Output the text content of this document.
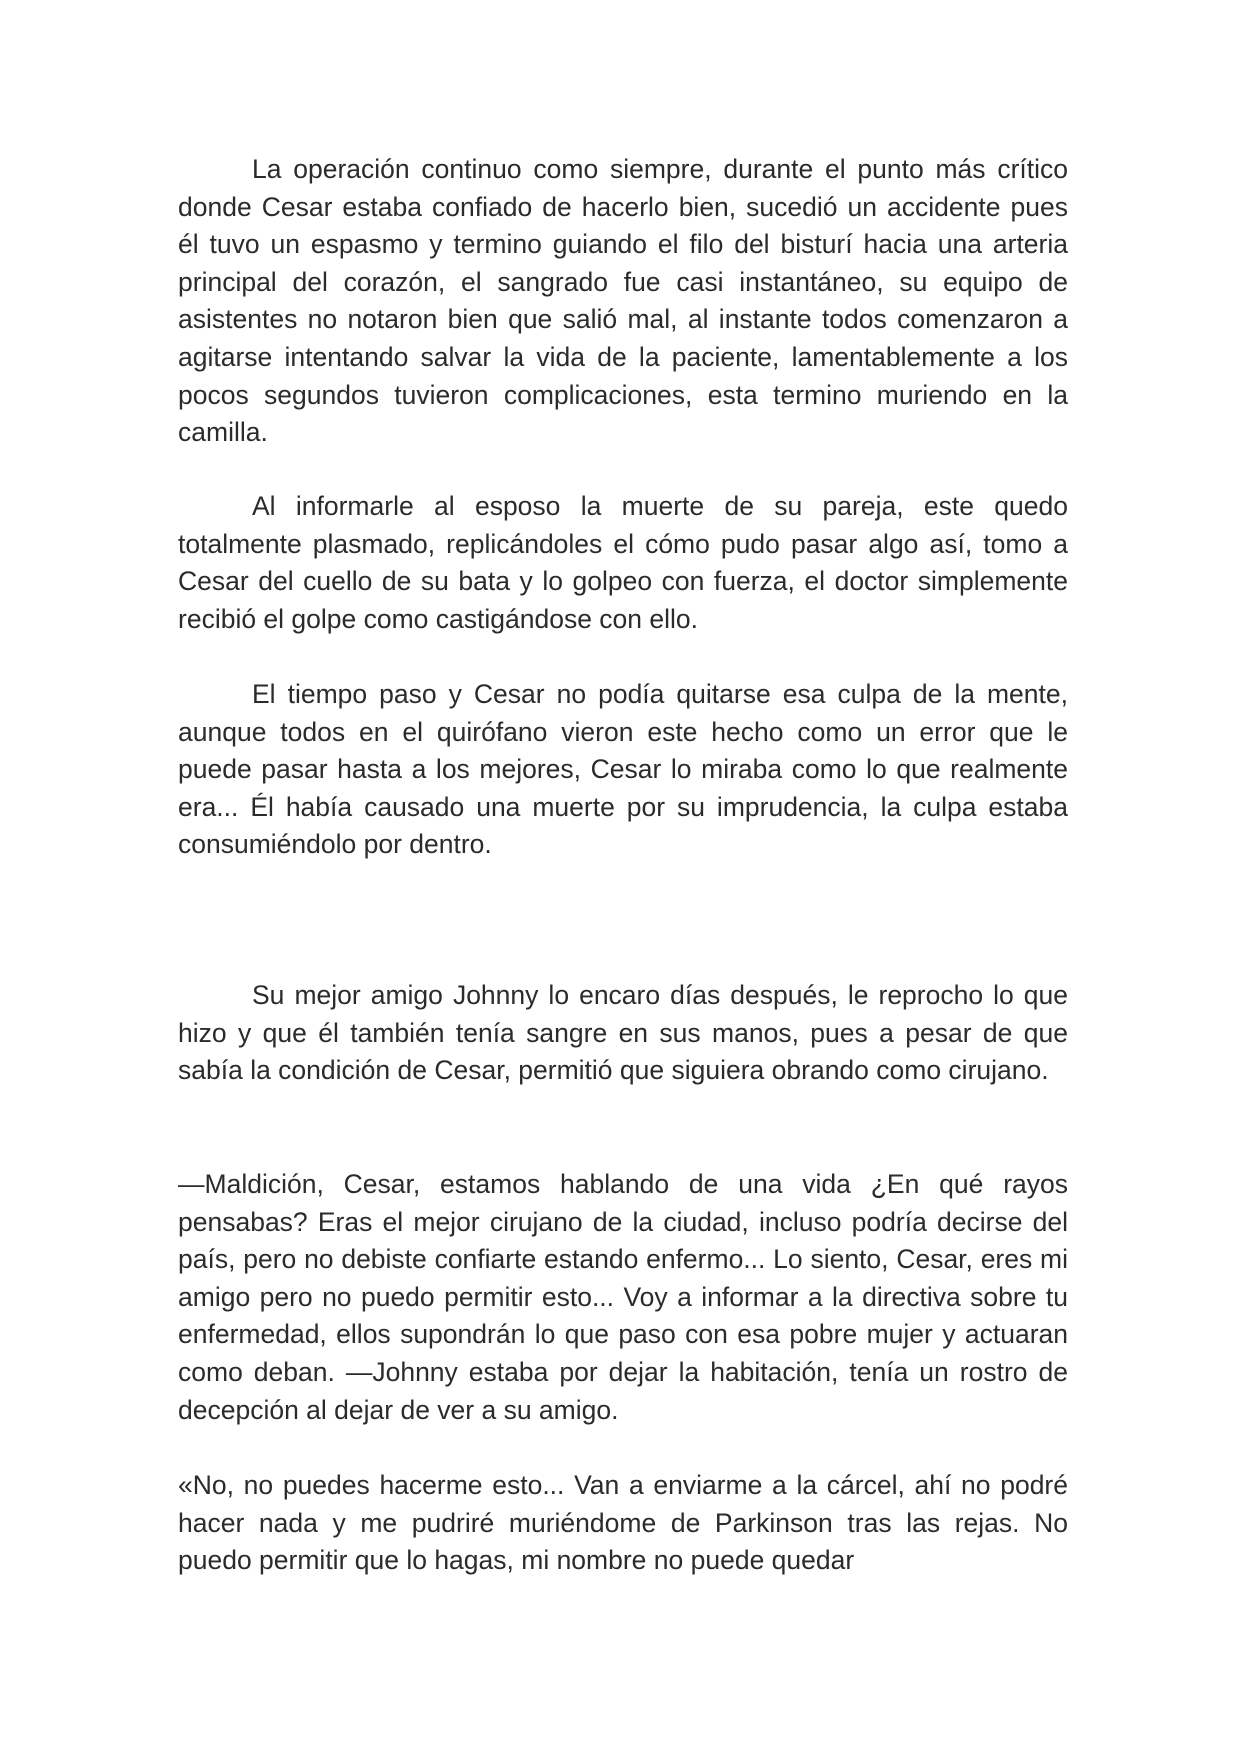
La operación continuo como siempre, durante el punto más crítico donde Cesar estaba confiado de hacerlo bien, sucedió un accidente pues él tuvo un espasmo y termino guiando el filo del bisturí hacia una arteria principal del corazón, el sangrado fue casi instantáneo, su equipo de asistentes no notaron bien que salió mal, al instante todos comenzaron a agitarse intentando salvar la vida de la paciente, lamentablemente a los pocos segundos tuvieron complicaciones, esta termino muriendo en la camilla.

Al informarle al esposo la muerte de su pareja, este quedo totalmente plasmado, replicándoles el cómo pudo pasar algo así, tomo a Cesar del cuello de su bata y lo golpeo con fuerza, el doctor simplemente recibió el golpe como castigándose con ello.

El tiempo paso y Cesar no podía quitarse esa culpa de la mente, aunque todos en el quirófano vieron este hecho como un error que le puede pasar hasta a los mejores, Cesar lo miraba como lo que realmente era... Él había causado una muerte por su imprudencia, la culpa estaba consumiéndolo por dentro.

Su mejor amigo Johnny lo encaro días después, le reprocho lo que hizo y que él también tenía sangre en sus manos, pues a pesar de que sabía la condición de Cesar, permitió que siguiera obrando como cirujano.

—Maldición, Cesar, estamos hablando de una vida ¿En qué rayos pensabas? Eras el mejor cirujano de la ciudad, incluso podría decirse del país, pero no debiste confiarte estando enfermo... Lo siento, Cesar, eres mi amigo pero no puedo permitir esto... Voy a informar a la directiva sobre tu enfermedad, ellos supondrán lo que paso con esa pobre mujer y actuaran como deban. —Johnny estaba por dejar la habitación, tenía un rostro de decepción al dejar de ver a su amigo.

«No, no puedes hacerme esto... Van a enviarme a la cárcel, ahí no podré hacer nada y me pudriré muriéndome de Parkinson tras las rejas. No puedo permitir que lo hagas, mi nombre no puede quedar
